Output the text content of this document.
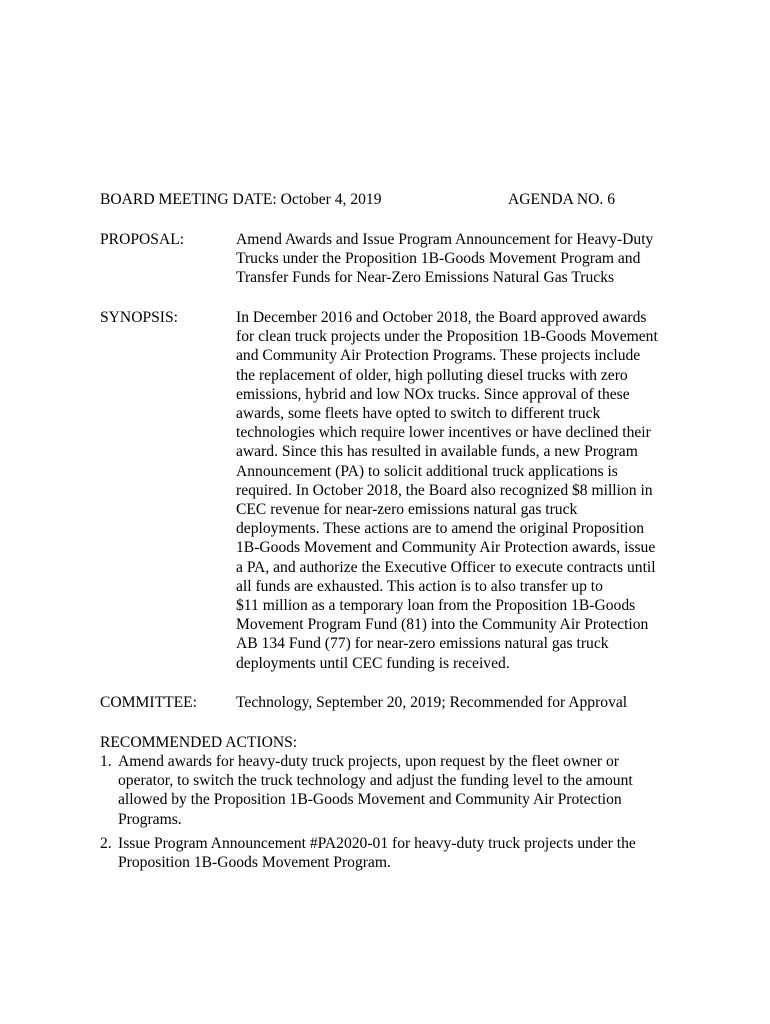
BOARD MEETING DATE: October 4, 2019	AGENDA NO. 6
PROPOSAL:	Amend Awards and Issue Program Announcement for Heavy-Duty
Trucks under the Proposition 1B-Goods Movement Program and
Transfer Funds for Near-Zero Emissions Natural Gas Trucks
SYNOPSIS:	In December 2016 and October 2018, the Board approved awards
for clean truck projects under the Proposition 1B-Goods Movement
and Community Air Protection Programs. These projects include
the replacement of older, high polluting diesel trucks with zero
emissions, hybrid and low NOx trucks. Since approval of these
awards, some fleets have opted to switch to different truck
technologies which require lower incentives or have declined their
award. Since this has resulted in available funds, a new Program
Announcement (PA) to solicit additional truck applications is
required. In October 2018, the Board also recognized $8 million in
CEC revenue for near-zero emissions natural gas truck
deployments. These actions are to amend the original Proposition
1B-Goods Movement and Community Air Protection awards, issue
a PA, and authorize the Executive Officer to execute contracts until
all funds are exhausted. This action is to also transfer up to
$11 million as a temporary loan from the Proposition 1B-Goods
Movement Program Fund (81) into the Community Air Protection
AB 134 Fund (77) for near-zero emissions natural gas truck
deployments until CEC funding is received.
COMMITTEE: Technology, September 20, 2019; Recommended for Approval
RECOMMENDED ACTIONS:
1. Amend awards for heavy-duty truck projects, upon request by the fleet owner or
operator, to switch the truck technology and adjust the funding level to the amount
allowed by the Proposition 1B-Goods Movement and Community Air Protection
Programs.
2. Issue Program Announcement #PA2020-01 for heavy-duty truck projects under the
Proposition 1B-Goods Movement Program.
